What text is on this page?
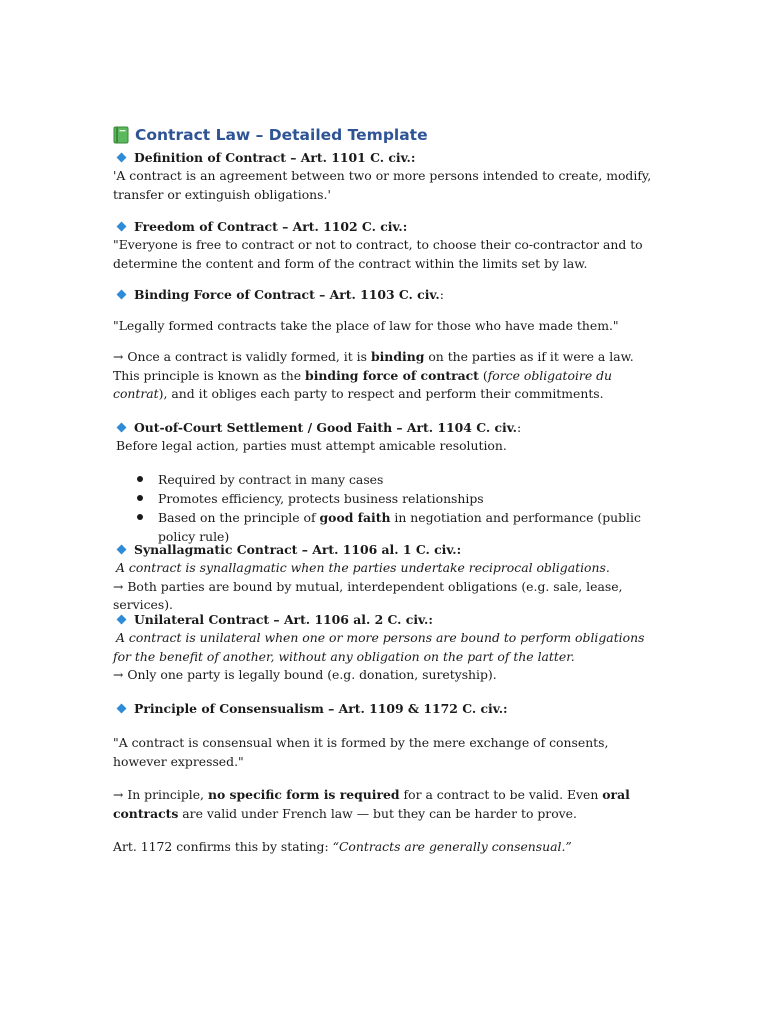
Contract Law – Detailed Template
Definition of Contract – Art. 1101 C. civ.:

'A contract is an agreement between two or more persons intended to create, modify, transfer or extinguish obligations.'

Freedom of Contract – Art. 1102 C. civ.:

"Everyone is free to contract or not to contract, to choose their co-contractor and to determine the content and form of the contract within the limits set by law.

Binding Force of Contract – Art. 1103 C. civ. :

"Legally formed contracts take the place of law for those who have made them."

→ Once a contract is validly formed, it is binding on the parties as if it were a law. This principle is known as the binding force of contract (force obligatoire du contrat), and it obliges each party to respect and perform their commitments.

Out-of-Court Settlement / Good Faith – Art. 1104 C. civ. :

Before legal action, parties must attempt amicable resolution.

Required by contract in many cases
Promotes efficiency, protects business relationships
Based on the principle of good faith in negotiation and performance (public policy rule)
Synallagmatic Contract – Art. 1106 al. 1 C. civ.:

A contract is synallagmatic when the parties undertake reciprocal obligations.

→ Both parties are bound by mutual, interdependent obligations (e.g. sale, lease, services).

Unilateral Contract – Art. 1106 al. 2 C. civ.:

A contract is unilateral when one or more persons are bound to perform obligations for the benefit of another, without any obligation on the part of the latter.

→ Only one party is legally bound (e.g. donation, suretyship).

Principle of Consensualism – Art. 1109 & 1172 C. civ.:

"A contract is consensual when it is formed by the mere exchange of consents, however expressed."

→ In principle, no specific form is required for a contract to be valid. Even oral contracts are valid under French law — but they can be harder to prove.

Art. 1172 confirms this by stating: “Contracts are generally consensual.”
